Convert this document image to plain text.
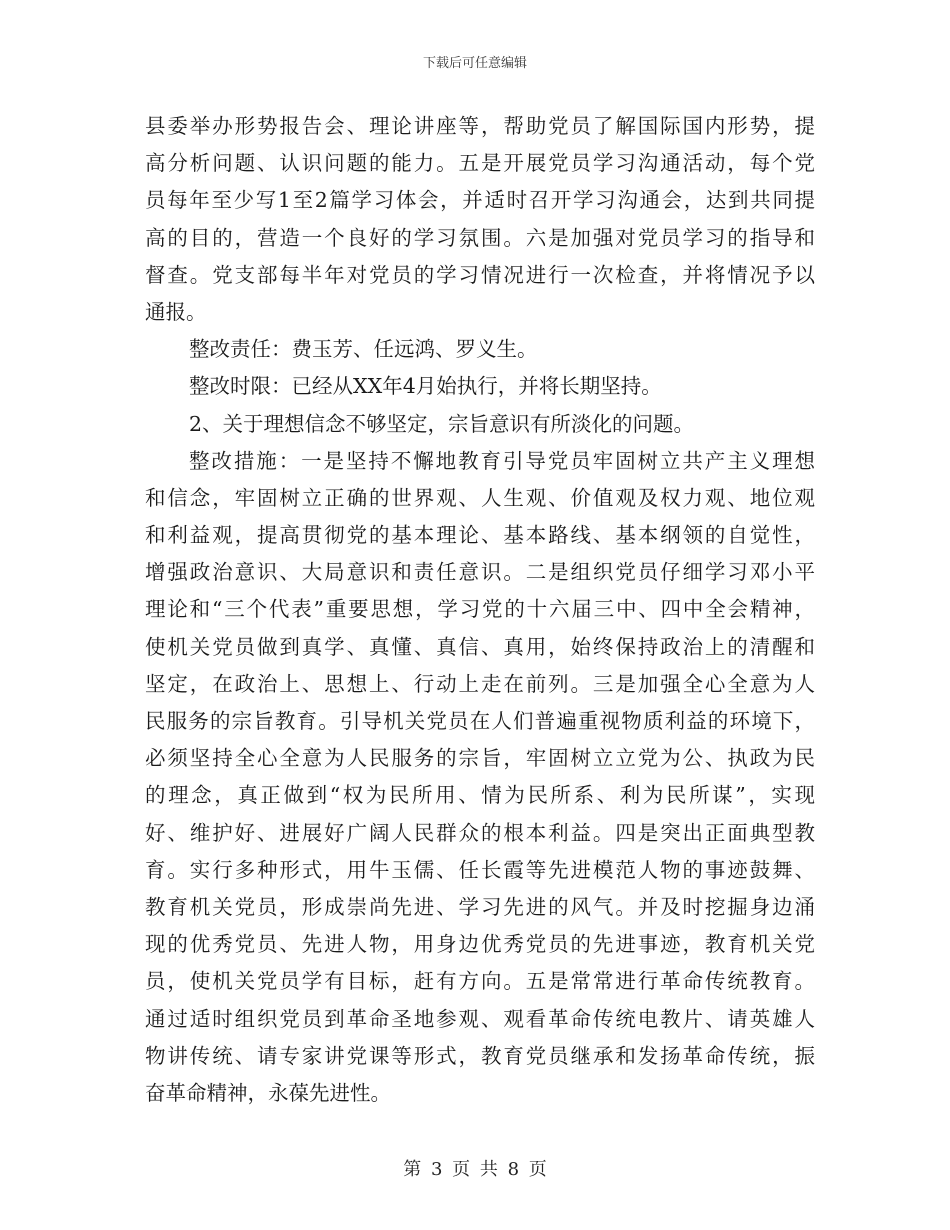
下载后可任意编辑
县委举办形势报告会、理论讲座等，帮助党员了解国际国内形势，提
高分析问题、认识问题的能力。五是开展党员学习沟通活动，每个党
员每年至少写1至2篇学习体会，并适时召开学习沟通会，达到共同提
高的目的，营造一个良好的学习氛围。六是加强对党员学习的指导和
督查。党支部每半年对党员的学习情况进行一次检查，并将情况予以
通报。
整改责任：费玉芳、任远鸿、罗义生。
整改时限：已经从XX年4月始执行，并将长期坚持。
2、关于理想信念不够坚定，宗旨意识有所淡化的问题。
整改措施：一是坚持不懈地教育引导党员牢固树立共产主义理想
和信念，牢固树立正确的世界观、人生观、价值观及权力观、地位观
和利益观，提高贯彻党的基本理论、基本路线、基本纲领的自觉性，
增强政治意识、大局意识和责任意识。二是组织党员仔细学习邓小平
理论和“三个代表”重要思想，学习党的十六届三中、四中全会精神，
使机关党员做到真学、真懂、真信、真用，始终保持政治上的清醒和
坚定，在政治上、思想上、行动上走在前列。三是加强全心全意为人
民服务的宗旨教育。引导机关党员在人们普遍重视物质利益的环境下，
必须坚持全心全意为人民服务的宗旨，牢固树立立党为公、执政为民
的理念，真正做到“权为民所用、情为民所系、利为民所谋”，实现
好、维护好、进展好广阔人民群众的根本利益。四是突出正面典型教
育。实行多种形式，用牛玉儒、任长霞等先进模范人物的事迹鼓舞、
教育机关党员，形成崇尚先进、学习先进的风气。并及时挖掘身边涌
现的优秀党员、先进人物，用身边优秀党员的先进事迹，教育机关党
员，使机关党员学有目标，赶有方向。五是常常进行革命传统教育。
通过适时组织党员到革命圣地参观、观看革命传统电教片、请英雄人
物讲传统、请专家讲党课等形式，教育党员继承和发扬革命传统，振
奋革命精神，永葆先进性。
第 3 页 共 8 页
